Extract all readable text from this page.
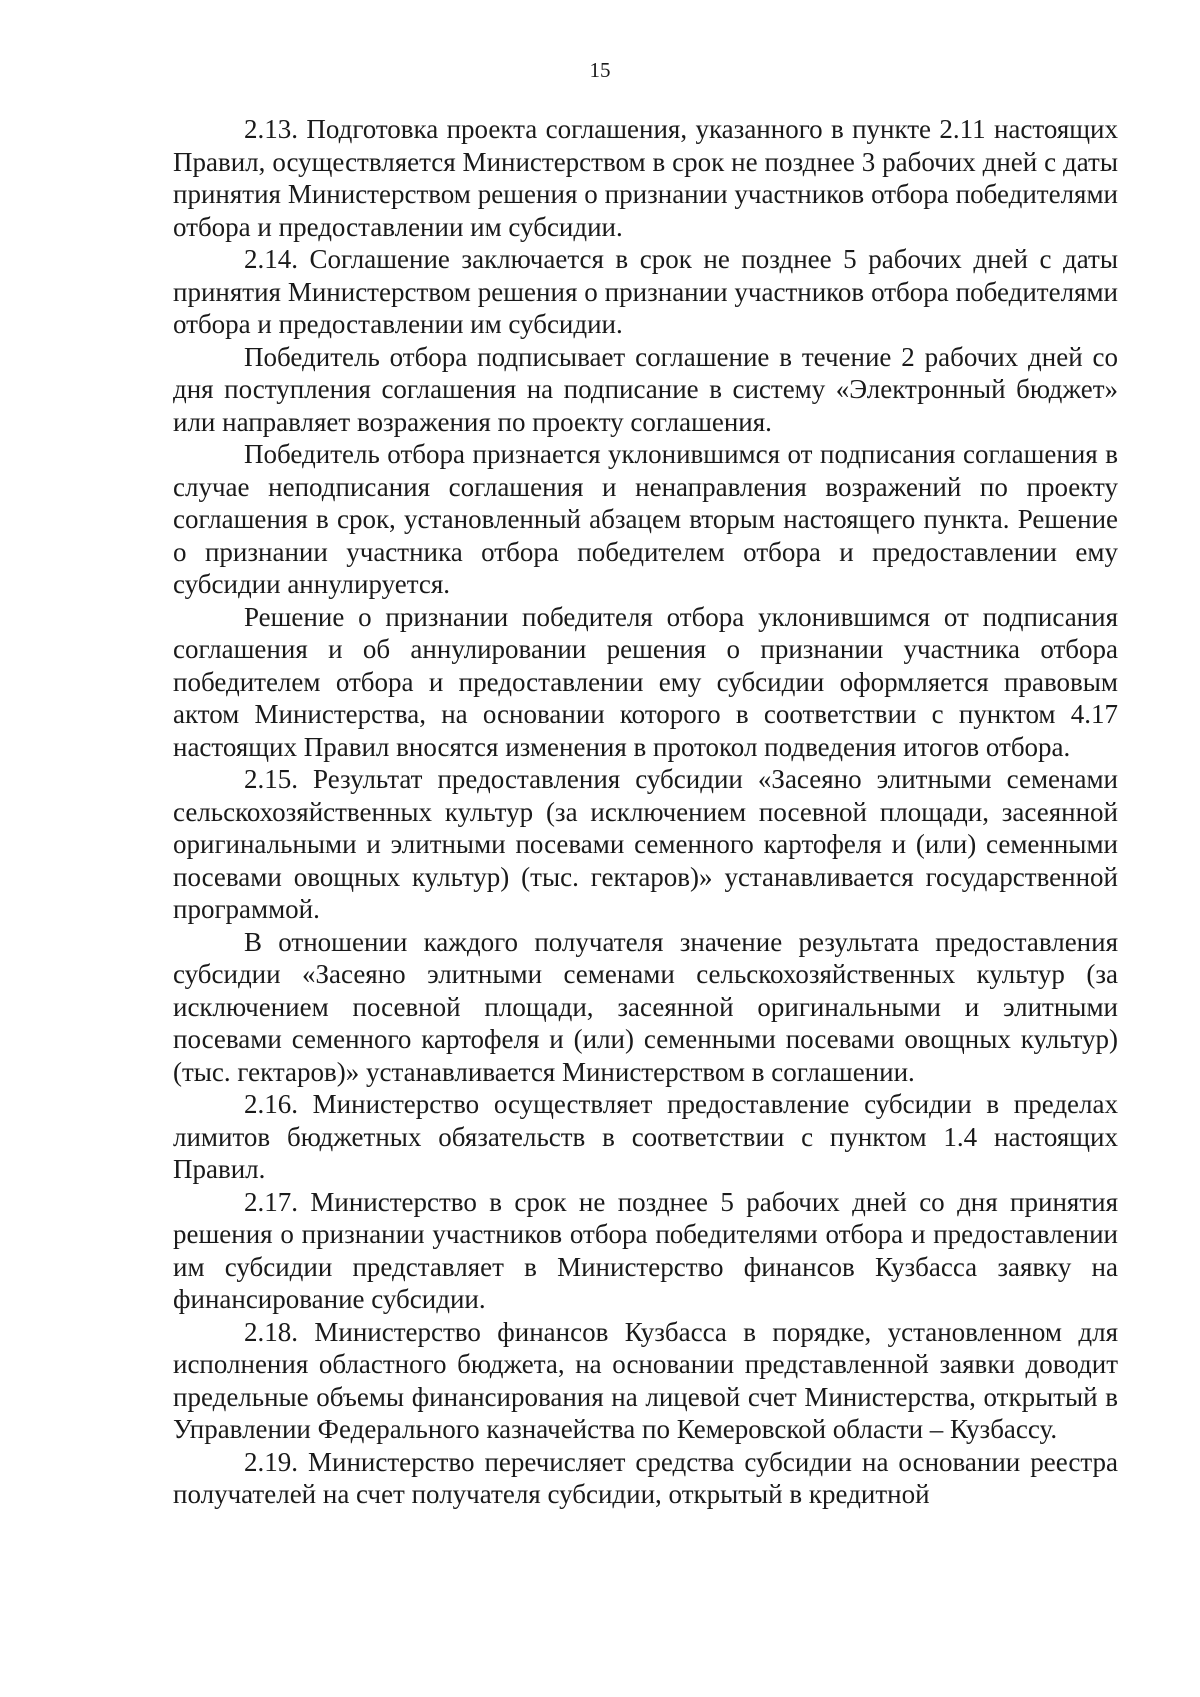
15

2.13. Подготовка проекта соглашения, указанного в пункте 2.11 настоящих Правил, осуществляется Министерством в срок не позднее 3 рабочих дней с даты принятия Министерством решения о признании участников отбора победителями отбора и предоставлении им субсидии.

2.14. Соглашение заключается в срок не позднее 5 рабочих дней с даты принятия Министерством решения о признании участников отбора победителями отбора и предоставлении им субсидии.

Победитель отбора подписывает соглашение в течение 2 рабочих дней со дня поступления соглашения на подписание в систему «Электронный бюджет» или направляет возражения по проекту соглашения.

Победитель отбора признается уклонившимся от подписания соглашения в случае неподписания соглашения и ненаправления возражений по проекту соглашения в срок, установленный абзацем вторым настоящего пункта. Решение о признании участника отбора победителем отбора и предоставлении ему субсидии аннулируется.

Решение о признании победителя отбора уклонившимся от подписания соглашения и об аннулировании решения о признании участника отбора победителем отбора и предоставлении ему субсидии оформляется правовым актом Министерства, на основании которого в соответствии с пунктом 4.17 настоящих Правил вносятся изменения в протокол подведения итогов отбора.

2.15. Результат предоставления субсидии «Засеяно элитными семенами сельскохозяйственных культур (за исключением посевной площади, засеянной оригинальными и элитными посевами семенного картофеля и (или) семенными посевами овощных культур) (тыс. гектаров)» устанавливается государственной программой.

В отношении каждого получателя значение результата предоставления субсидии «Засеяно элитными семенами сельскохозяйственных культур (за исключением посевной площади, засеянной оригинальными и элитными посевами семенного картофеля и (или) семенными посевами овощных культур) (тыс. гектаров)» устанавливается Министерством в соглашении.

2.16. Министерство осуществляет предоставление субсидии в пределах лимитов бюджетных обязательств в соответствии с пунктом 1.4 настоящих Правил.

2.17. Министерство в срок не позднее 5 рабочих дней со дня принятия решения о признании участников отбора победителями отбора и предоставлении им субсидии представляет в Министерство финансов Кузбасса заявку на финансирование субсидии.

2.18. Министерство финансов Кузбасса в порядке, установленном для исполнения областного бюджета, на основании представленной заявки доводит предельные объемы финансирования на лицевой счет Министерства, открытый в Управлении Федерального казначейства по Кемеровской области – Кузбассу.

2.19. Министерство перечисляет средства субсидии на основании реестра получателей на счет получателя субсидии, открытый в кредитной
